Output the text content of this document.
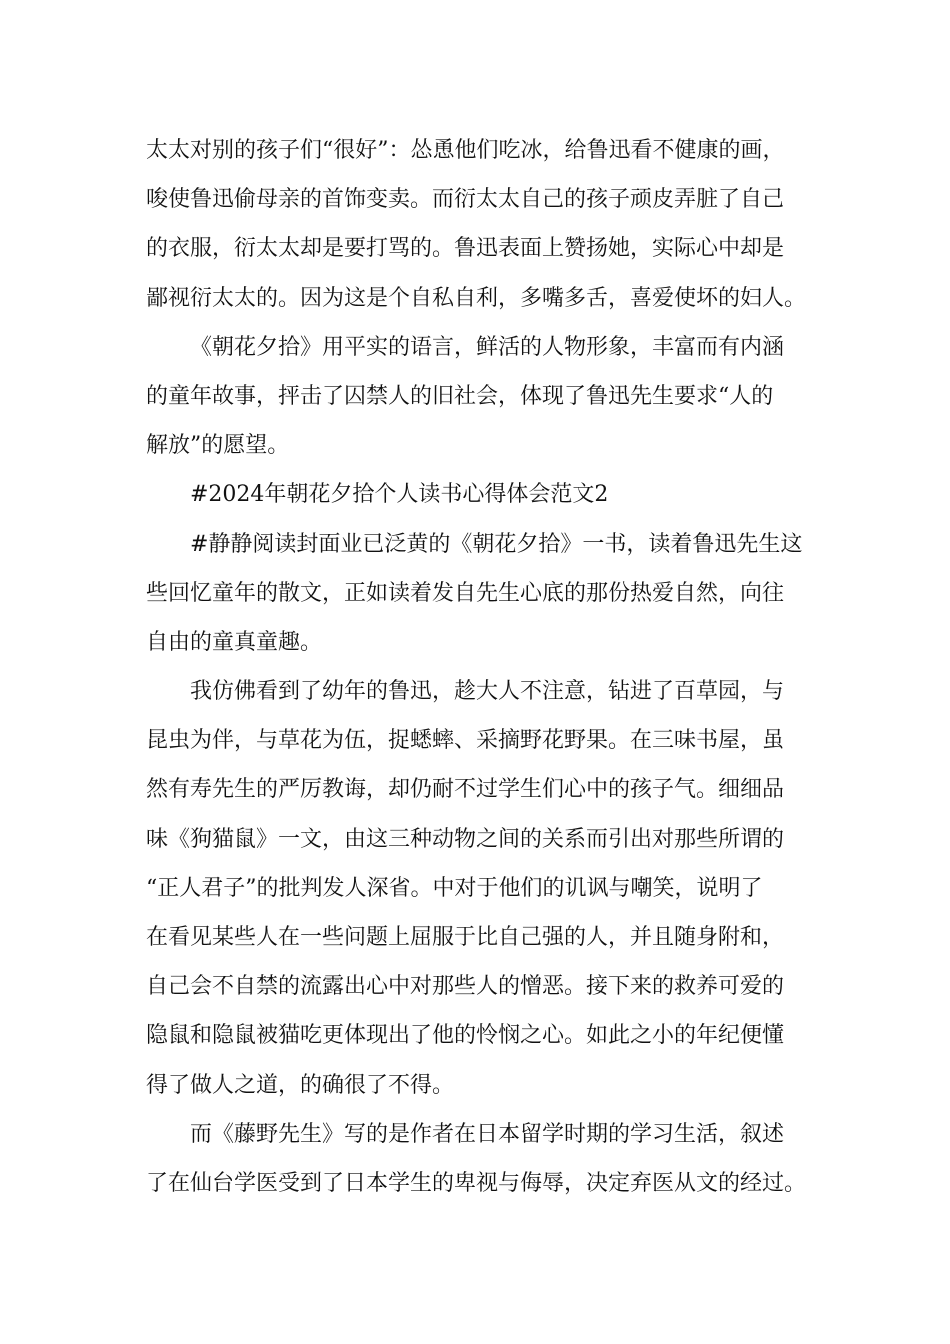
太太对别的孩子们“很好”：怂恿他们吃冰，给鲁迅看不健康的画，
唆使鲁迅偷母亲的首饰变卖。而衍太太自己的孩子顽皮弄脏了自己
的衣服，衍太太却是要打骂的。鲁迅表面上赞扬她，实际心中却是
鄙视衍太太的。因为这是个自私自利，多嘴多舌，喜爱使坏的妇人。
《朝花夕拾》用平实的语言，鲜活的人物形象，丰富而有内涵
的童年故事，抨击了囚禁人的旧社会，体现了鲁迅先生要求“人的
解放”的愿望。
#2024年朝花夕拾个人读书心得体会范文2
#静静阅读封面业已泛黄的《朝花夕拾》一书，读着鲁迅先生这
些回忆童年的散文，正如读着发自先生心底的那份热爱自然，向往
自由的童真童趣。
我仿佛看到了幼年的鲁迅，趁大人不注意，钻进了百草园，与
昆虫为伴，与草花为伍，捉蟋蟀、采摘野花野果。在三味书屋，虽
然有寿先生的严厉教诲，却仍耐不过学生们心中的孩子气。细细品
味《狗猫鼠》一文，由这三种动物之间的关系而引出对那些所谓的
“正人君子”的批判发人深省。中对于他们的讥讽与嘲笑，说明了
在看见某些人在一些问题上屈服于比自己强的人，并且随身附和，
自己会不自禁的流露出心中对那些人的憎恶。接下来的救养可爱的
隐鼠和隐鼠被猫吃更体现出了他的怜悯之心。如此之小的年纪便懂
得了做人之道，的确很了不得。
而《藤野先生》写的是作者在日本留学时期的学习生活，叙述
了在仙台学医受到了日本学生的卑视与侮辱，决定弃医从文的经过。
